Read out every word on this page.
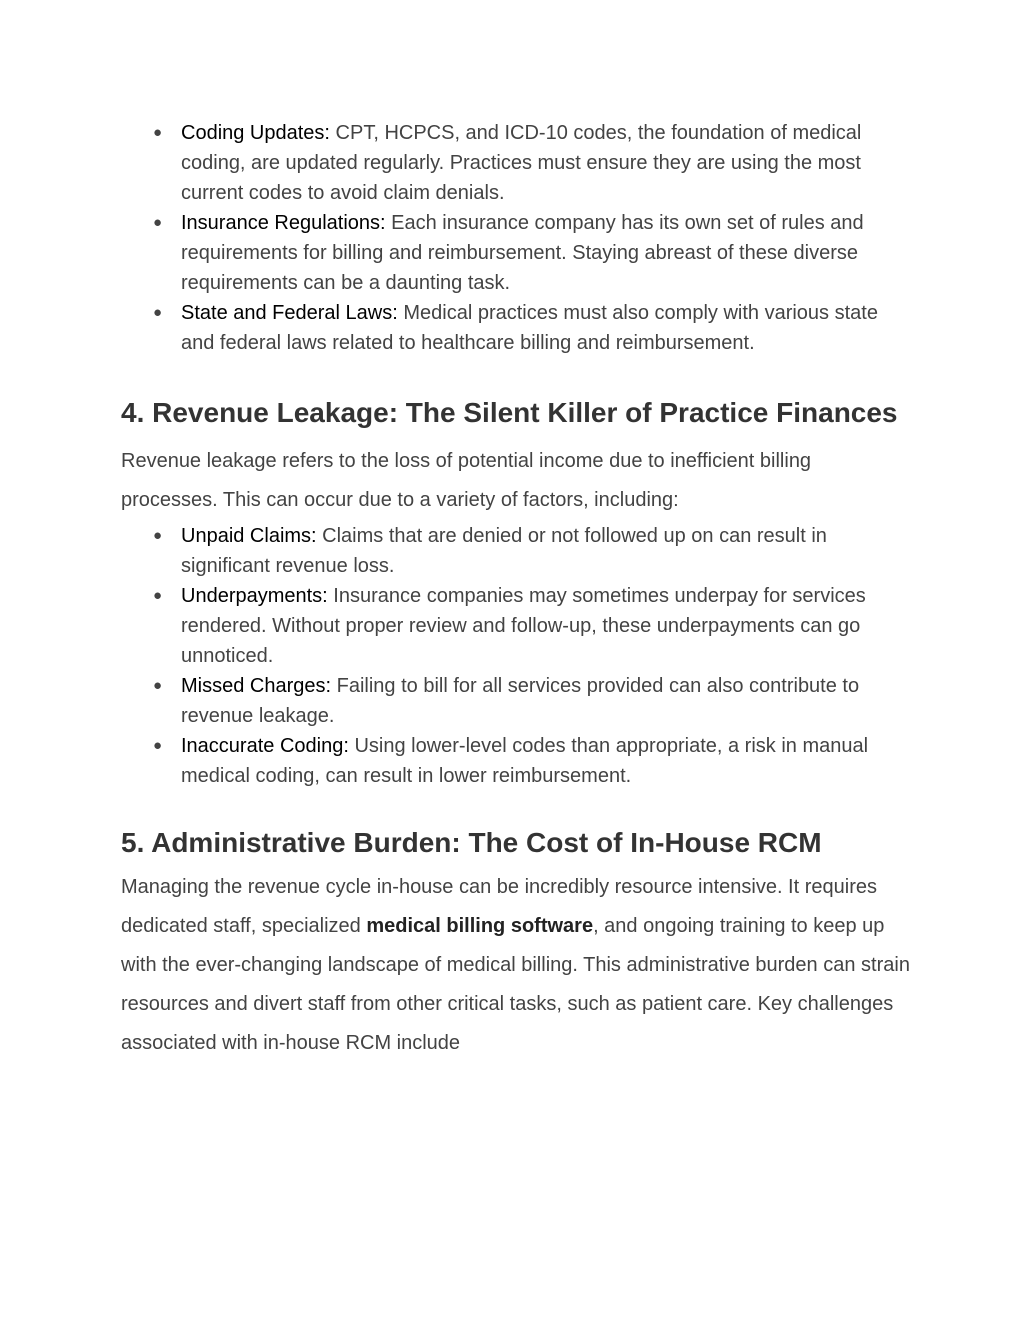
● Coding Updates: CPT, HCPCS, and ICD-10 codes, the foundation of medical coding, are updated regularly. Practices must ensure they are using the most current codes to avoid claim denials.
● Insurance Regulations: Each insurance company has its own set of rules and requirements for billing and reimbursement. Staying abreast of these diverse requirements can be a daunting task.
● State and Federal Laws: Medical practices must also comply with various state and federal laws related to healthcare billing and reimbursement.
4. Revenue Leakage: The Silent Killer of Practice Finances

Revenue leakage refers to the loss of potential income due to inefficient billing processes. This can occur due to a variety of factors, including:

● Unpaid Claims: Claims that are denied or not followed up on can result in significant revenue loss.
● Underpayments: Insurance companies may sometimes underpay for services rendered. Without proper review and follow-up, these underpayments can go unnoticed.
● Missed Charges: Failing to bill for all services provided can also contribute to revenue leakage.
● Inaccurate Coding: Using lower-level codes than appropriate, a risk in manual medical coding, can result in lower reimbursement.
5. Administrative Burden: The Cost of In-House RCM

Managing the revenue cycle in-house can be incredibly resource intensive. It requires dedicated staff, specialized medical billing software, and ongoing training to keep up with the ever-changing landscape of medical billing. This administrative burden can strain resources and divert staff from other critical tasks, such as patient care. Key challenges associated with in-house RCM include
